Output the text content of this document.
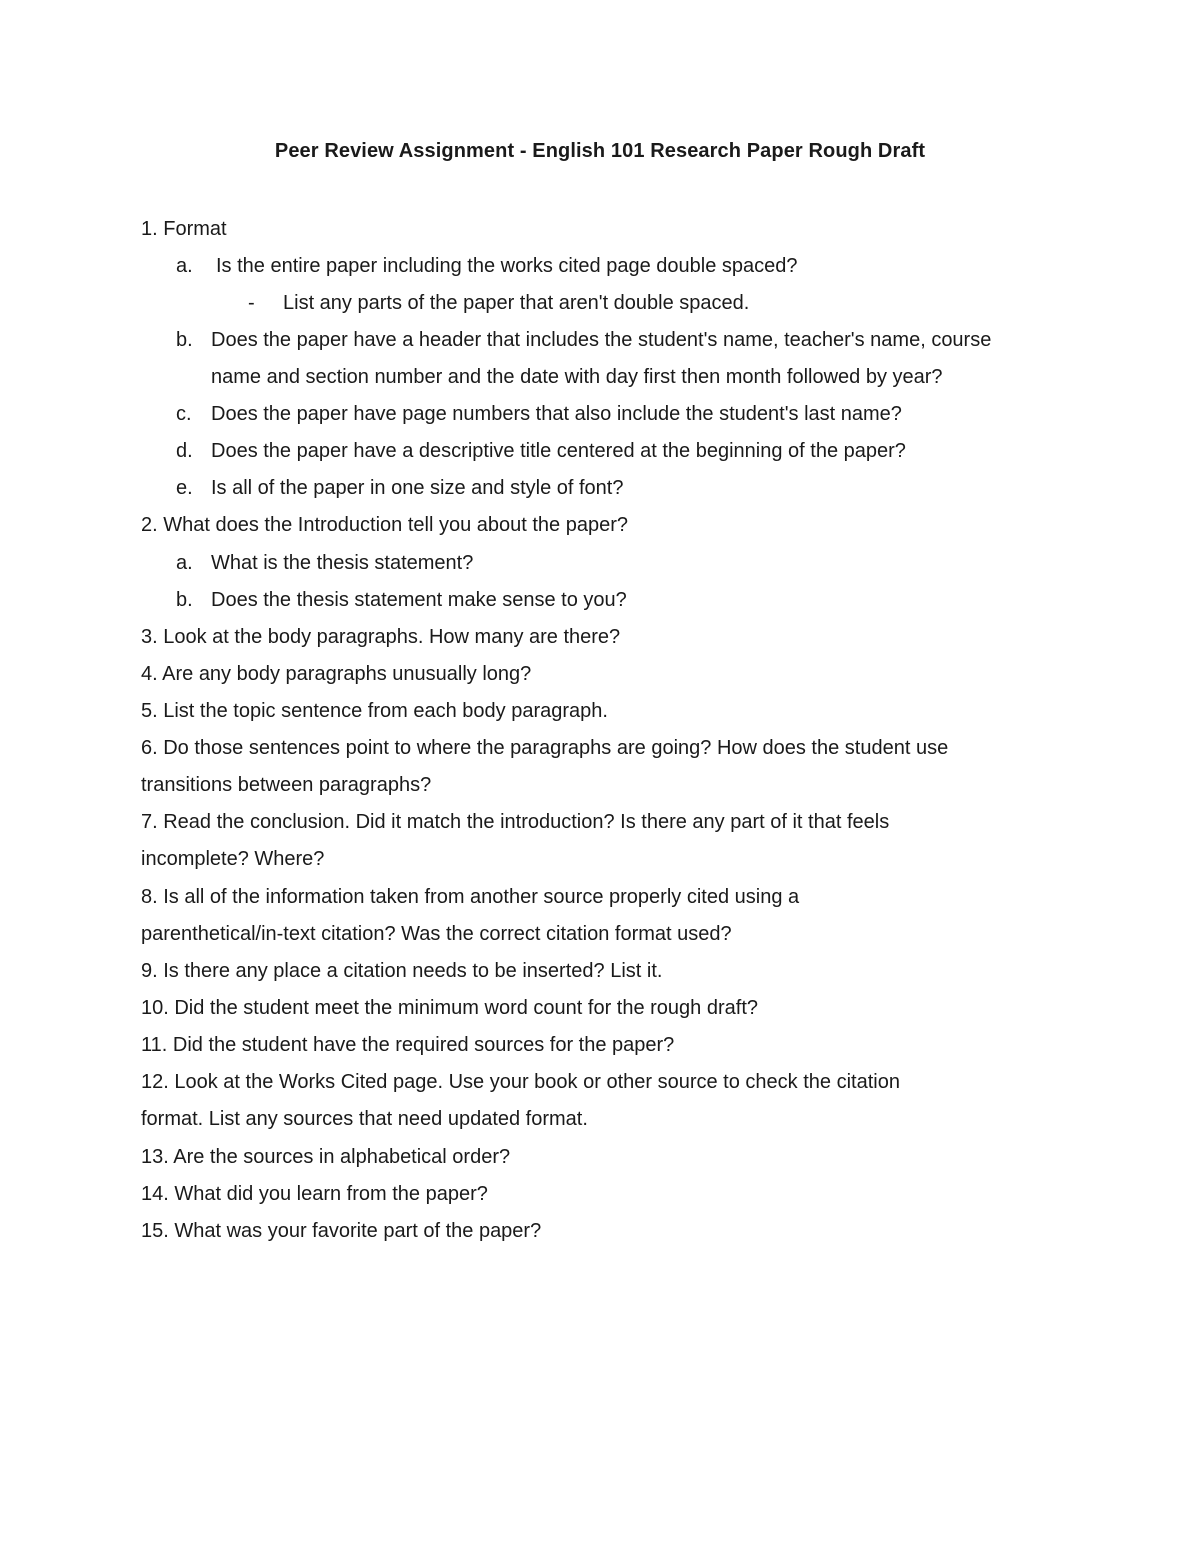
Peer Review Assignment - English 101 Research Paper Rough Draft
1. Format
a. Is the entire paper including the works cited page double spaced?
- List any parts of the paper that aren't double spaced.
b. Does the paper have a header that includes the student's name, teacher's name, course
name and section number and the date with day first then month followed by year?
c. Does the paper have page numbers that also include the student's last name?
d. Does the paper have a descriptive title centered at the beginning of the paper?
e. Is all of the paper in one size and style of font?
2. What does the Introduction tell you about the paper?
a. What is the thesis statement?
b. Does the thesis statement make sense to you?
3. Look at the body paragraphs. How many are there?
4. Are any body paragraphs unusually long?
5. List the topic sentence from each body paragraph.
6. Do those sentences point to where the paragraphs are going? How does the student use
transitions between paragraphs?
7. Read the conclusion. Did it match the introduction? Is there any part of it that feels
incomplete? Where?
8. Is all of the information taken from another source properly cited using a
parenthetical/in-text citation? Was the correct citation format used?
9. Is there any place a citation needs to be inserted? List it.
10. Did the student meet the minimum word count for the rough draft?
11. Did the student have the required sources for the paper?
12. Look at the Works Cited page. Use your book or other source to check the citation
format. List any sources that need updated format.
13. Are the sources in alphabetical order?
14. What did you learn from the paper?
15. What was your favorite part of the paper?
